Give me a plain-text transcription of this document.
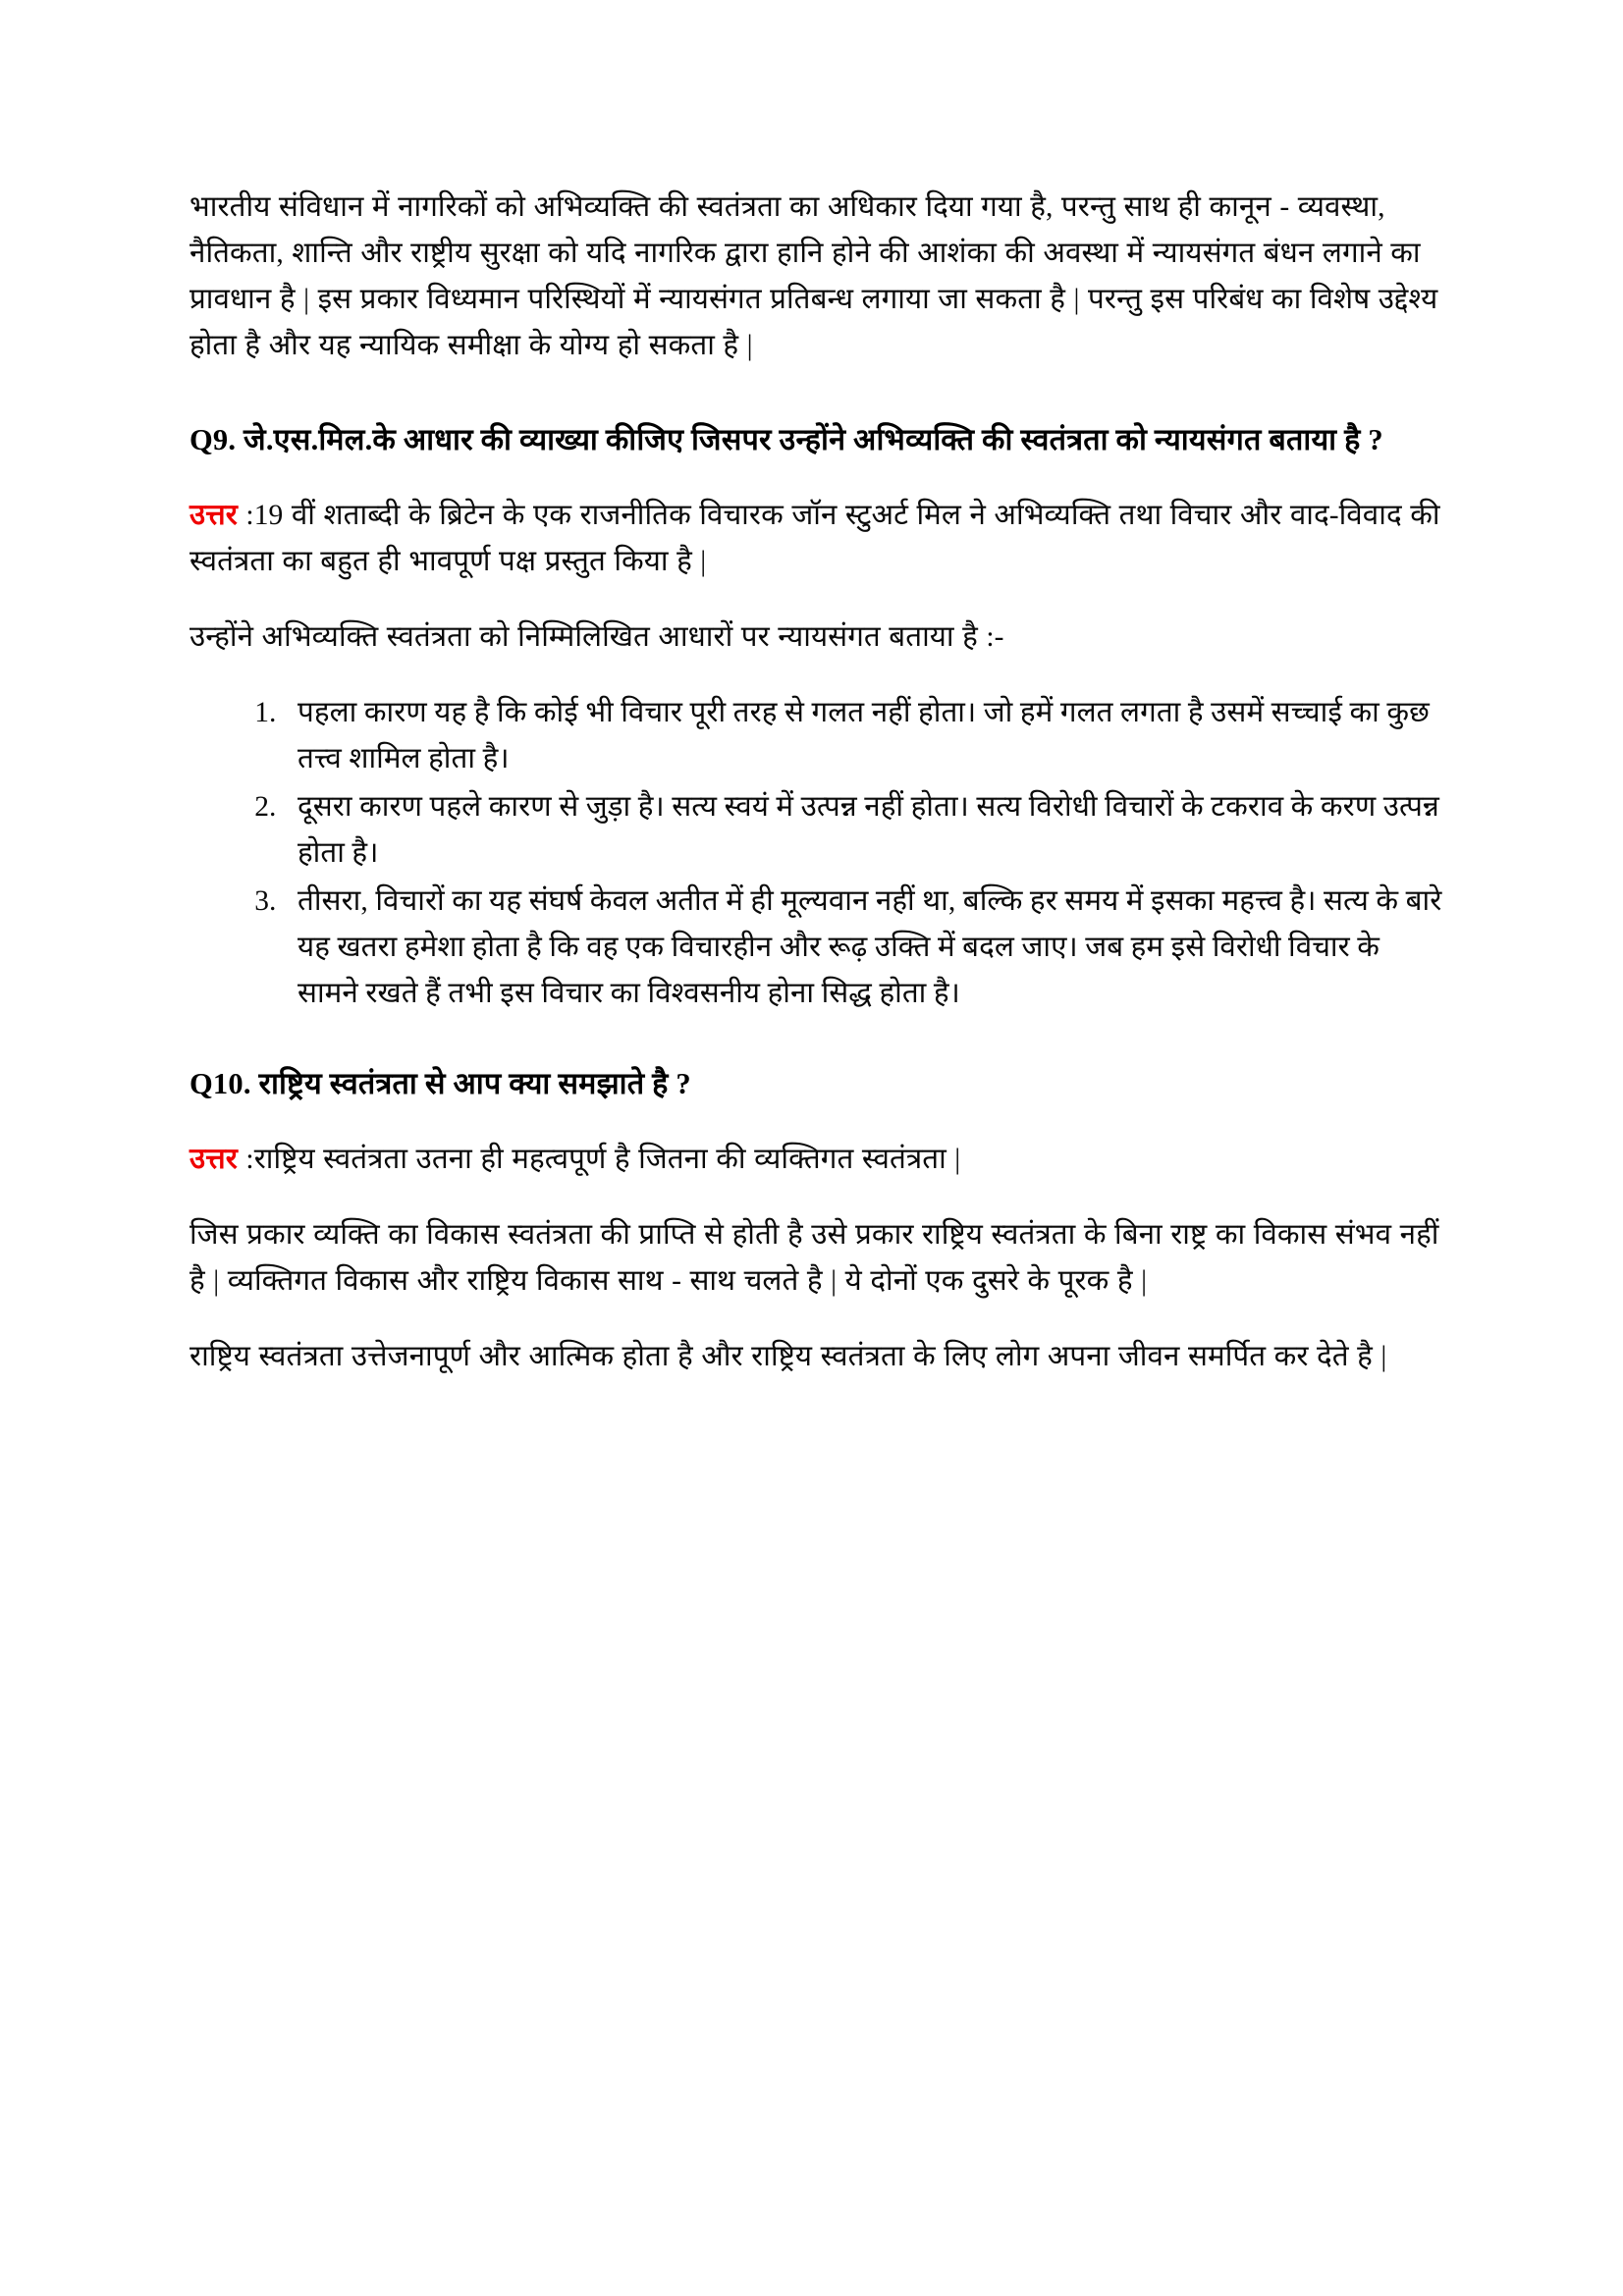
भारतीय संविधान में नागरिकों को अभिव्यक्ति की स्वतंत्रता का अधिकार दिया गया है, परन्तु साथ ही कानून - व्यवस्था, नैतिकता, शान्ति और राष्ट्रीय सुरक्षा को यदि नागरिक द्वारा हानि होने की आशंका की अवस्था में न्यायसंगत बंधन लगाने का प्रावधान है | इस प्रकार विध्यमान परिस्थियों में न्यायसंगत प्रतिबन्ध लगाया जा सकता है | परन्तु इस परिबंध का विशेष उद्देश्य होता है और यह न्यायिक समीक्षा के योग्य हो सकता है |

Q9. जे.एस.मिल.के आधार की व्याख्या कीजिए जिसपर उन्होंने अभिव्यक्ति की स्वतंत्रता को न्यायसंगत बताया है ?

उत्तर :19 वीं शताब्दी के ब्रिटेन के एक राजनीतिक विचारक जॉन स्टुअर्ट मिल ने अभिव्यक्ति तथा विचार और वाद-विवाद की स्वतंत्रता का बहुत ही भावपूर्ण पक्ष प्रस्तुत किया है |

उन्होंने अभिव्यक्ति स्वतंत्रता को निम्मिलिखित आधारों पर न्यायसंगत बताया है :-

1. पहला कारण यह है कि कोई भी विचार पूरी तरह से गलत नहीं होता। जो हमें गलत लगता है उसमें सच्चाई का कुछ तत्त्व शामिल होता है।
2. दूसरा कारण पहले कारण से जुड़ा है। सत्य स्वयं में उत्पन्न नहीं होता। सत्य विरोधी विचारों के टकराव के करण उत्पन्न होता है।
3. तीसरा, विचारों का यह संघर्ष केवल अतीत में ही मूल्यवान नहीं था, बल्कि हर समय में इसका महत्त्व है। सत्य के बारे यह खतरा हमेशा होता है कि वह एक विचारहीन और रूढ़ उक्ति में बदल जाए। जब हम इसे विरोधी विचार के सामने रखते हैं तभी इस विचार का विश्वसनीय होना सिद्ध होता है।
Q10. राष्ट्रिय स्वतंत्रता से आप क्या समझाते है ?

उत्तर :राष्ट्रिय स्वतंत्रता उतना ही महत्वपूर्ण है जितना की व्यक्तिगत स्वतंत्रता |

जिस प्रकार व्यक्ति का विकास स्वतंत्रता की प्राप्ति से होती है उसे प्रकार राष्ट्रिय स्वतंत्रता के बिना राष्ट्र का विकास संभव नहीं है | व्यक्तिगत विकास और राष्ट्रिय विकास साथ - साथ चलते है | ये दोनों एक दुसरे के पूरक है |

राष्ट्रिय स्वतंत्रता उत्तेजनापूर्ण और आत्मिक होता है और राष्ट्रिय स्वतंत्रता के लिए लोग अपना जीवन समर्पित कर देते है |
